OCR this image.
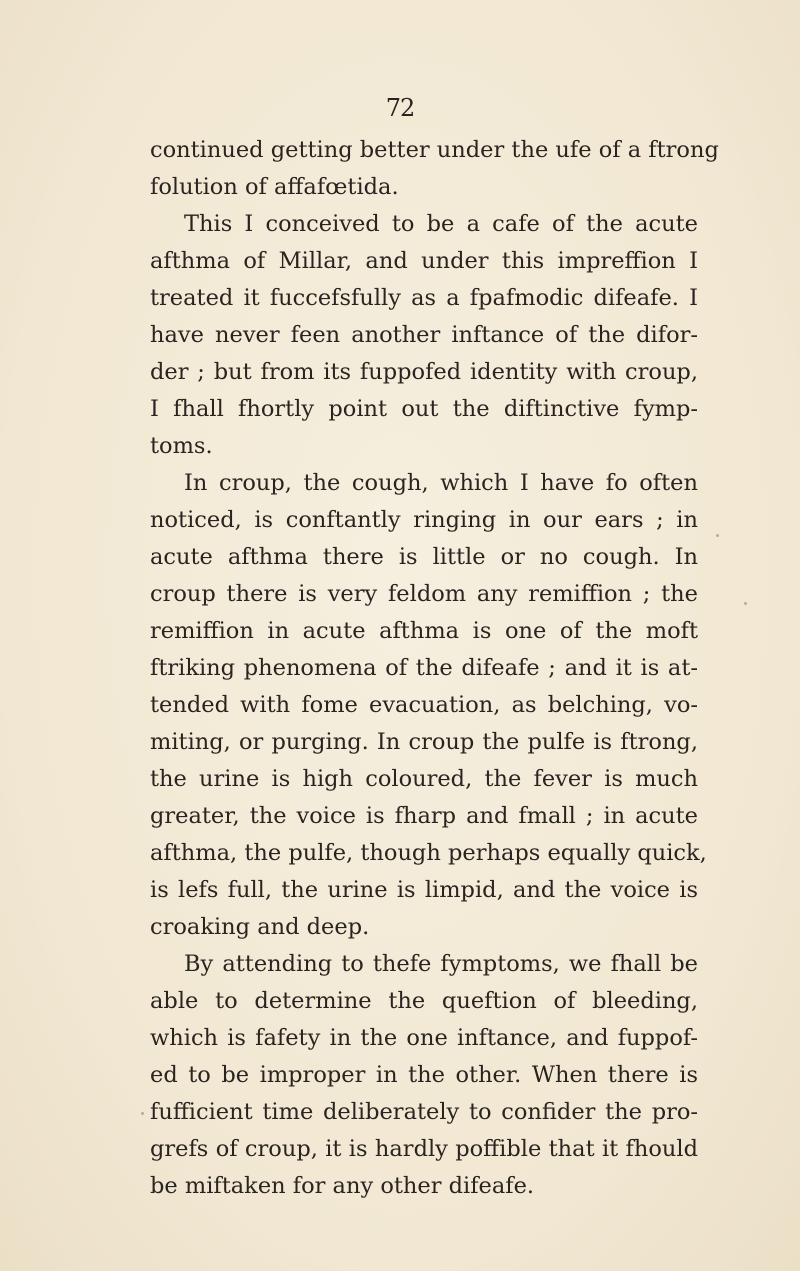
72
continued getting better under the ufe of a ftrong
folution of affafœtida.
This I conceived to be a cafe of the acute
afthma of Millar, and under this impreffion I
treated it fuccefsfully as a fpafmodic difeafe. I
have never feen another inftance of the difor-
der ; but from its fuppofed identity with croup,
I fhall fhortly point out the diftinctive fymp-
toms.
In croup, the cough, which I have fo often
noticed, is conftantly ringing in our ears ; in
acute afthma there is little or no cough. In
croup there is very feldom any remiffion ; the
remiffion in acute afthma is one of the moft
ftriking phenomena of the difeafe ; and it is at-
tended with fome evacuation, as belching, vo-
miting, or purging. In croup the pulfe is ftrong,
the urine is high coloured, the fever is much
greater, the voice is fharp and fmall ; in acute
afthma, the pulfe, though perhaps equally quick,
is lefs full, the urine is limpid, and the voice is
croaking and deep.
By attending to thefe fymptoms, we fhall be
able to determine the queftion of bleeding,
which is fafety in the one inftance, and fuppof-
ed to be improper in the other. When there is
fufficient time deliberately to confider the pro-
grefs of croup, it is hardly poffible that it fhould
be miftaken for any other difeafe.
